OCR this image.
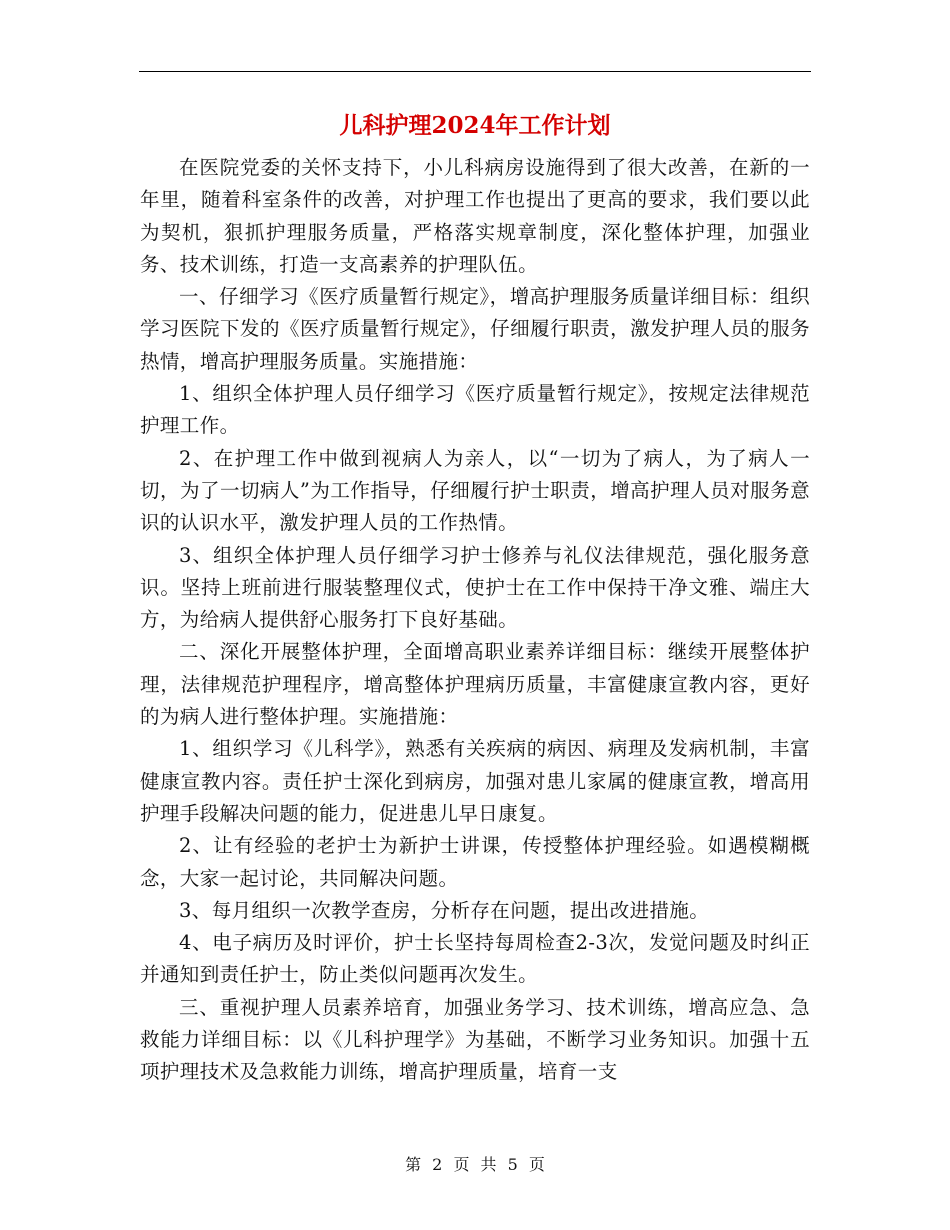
儿科护理2024年工作计划

在医院党委的关怀支持下，小儿科病房设施得到了很大改善，在新的一年里，随着科室条件的改善，对护理工作也提出了更高的要求，我们要以此为契机，狠抓护理服务质量，严格落实规章制度，深化整体护理，加强业务、技术训练，打造一支高素养的护理队伍。

一、仔细学习《医疗质量暂行规定》，增高护理服务质量详细目标：组织学习医院下发的《医疗质量暂行规定》，仔细履行职责，激发护理人员的服务热情，增高护理服务质量。实施措施：

1、组织全体护理人员仔细学习《医疗质量暂行规定》，按规定法律规范护理工作。

2、在护理工作中做到视病人为亲人，以“一切为了病人，为了病人一切，为了一切病人”为工作指导，仔细履行护士职责，增高护理人员对服务意识的认识水平，激发护理人员的工作热情。

3、组织全体护理人员仔细学习护士修养与礼仪法律规范，强化服务意识。坚持上班前进行服装整理仪式，使护士在工作中保持干净文雅、端庄大方，为给病人提供舒心服务打下良好基础。

二、深化开展整体护理，全面增高职业素养详细目标：继续开展整体护理，法律规范护理程序，增高整体护理病历质量，丰富健康宣教内容，更好的为病人进行整体护理。实施措施：

1、组织学习《儿科学》，熟悉有关疾病的病因、病理及发病机制，丰富健康宣教内容。责任护士深化到病房，加强对患儿家属的健康宣教，增高用护理手段解决问题的能力，促进患儿早日康复。

2、让有经验的老护士为新护士讲课，传授整体护理经验。如遇模糊概念，大家一起讨论，共同解决问题。

3、每月组织一次教学查房，分析存在问题，提出改进措施。

4、电子病历及时评价，护士长坚持每周检查2-3次，发觉问题及时纠正并通知到责任护士，防止类似问题再次发生。

三、重视护理人员素养培育，加强业务学习、技术训练，增高应急、急救能力详细目标：以《儿科护理学》为基础，不断学习业务知识。加强十五项护理技术及急救能力训练，增高护理质量，培育一支

第 2 页 共 5 页
